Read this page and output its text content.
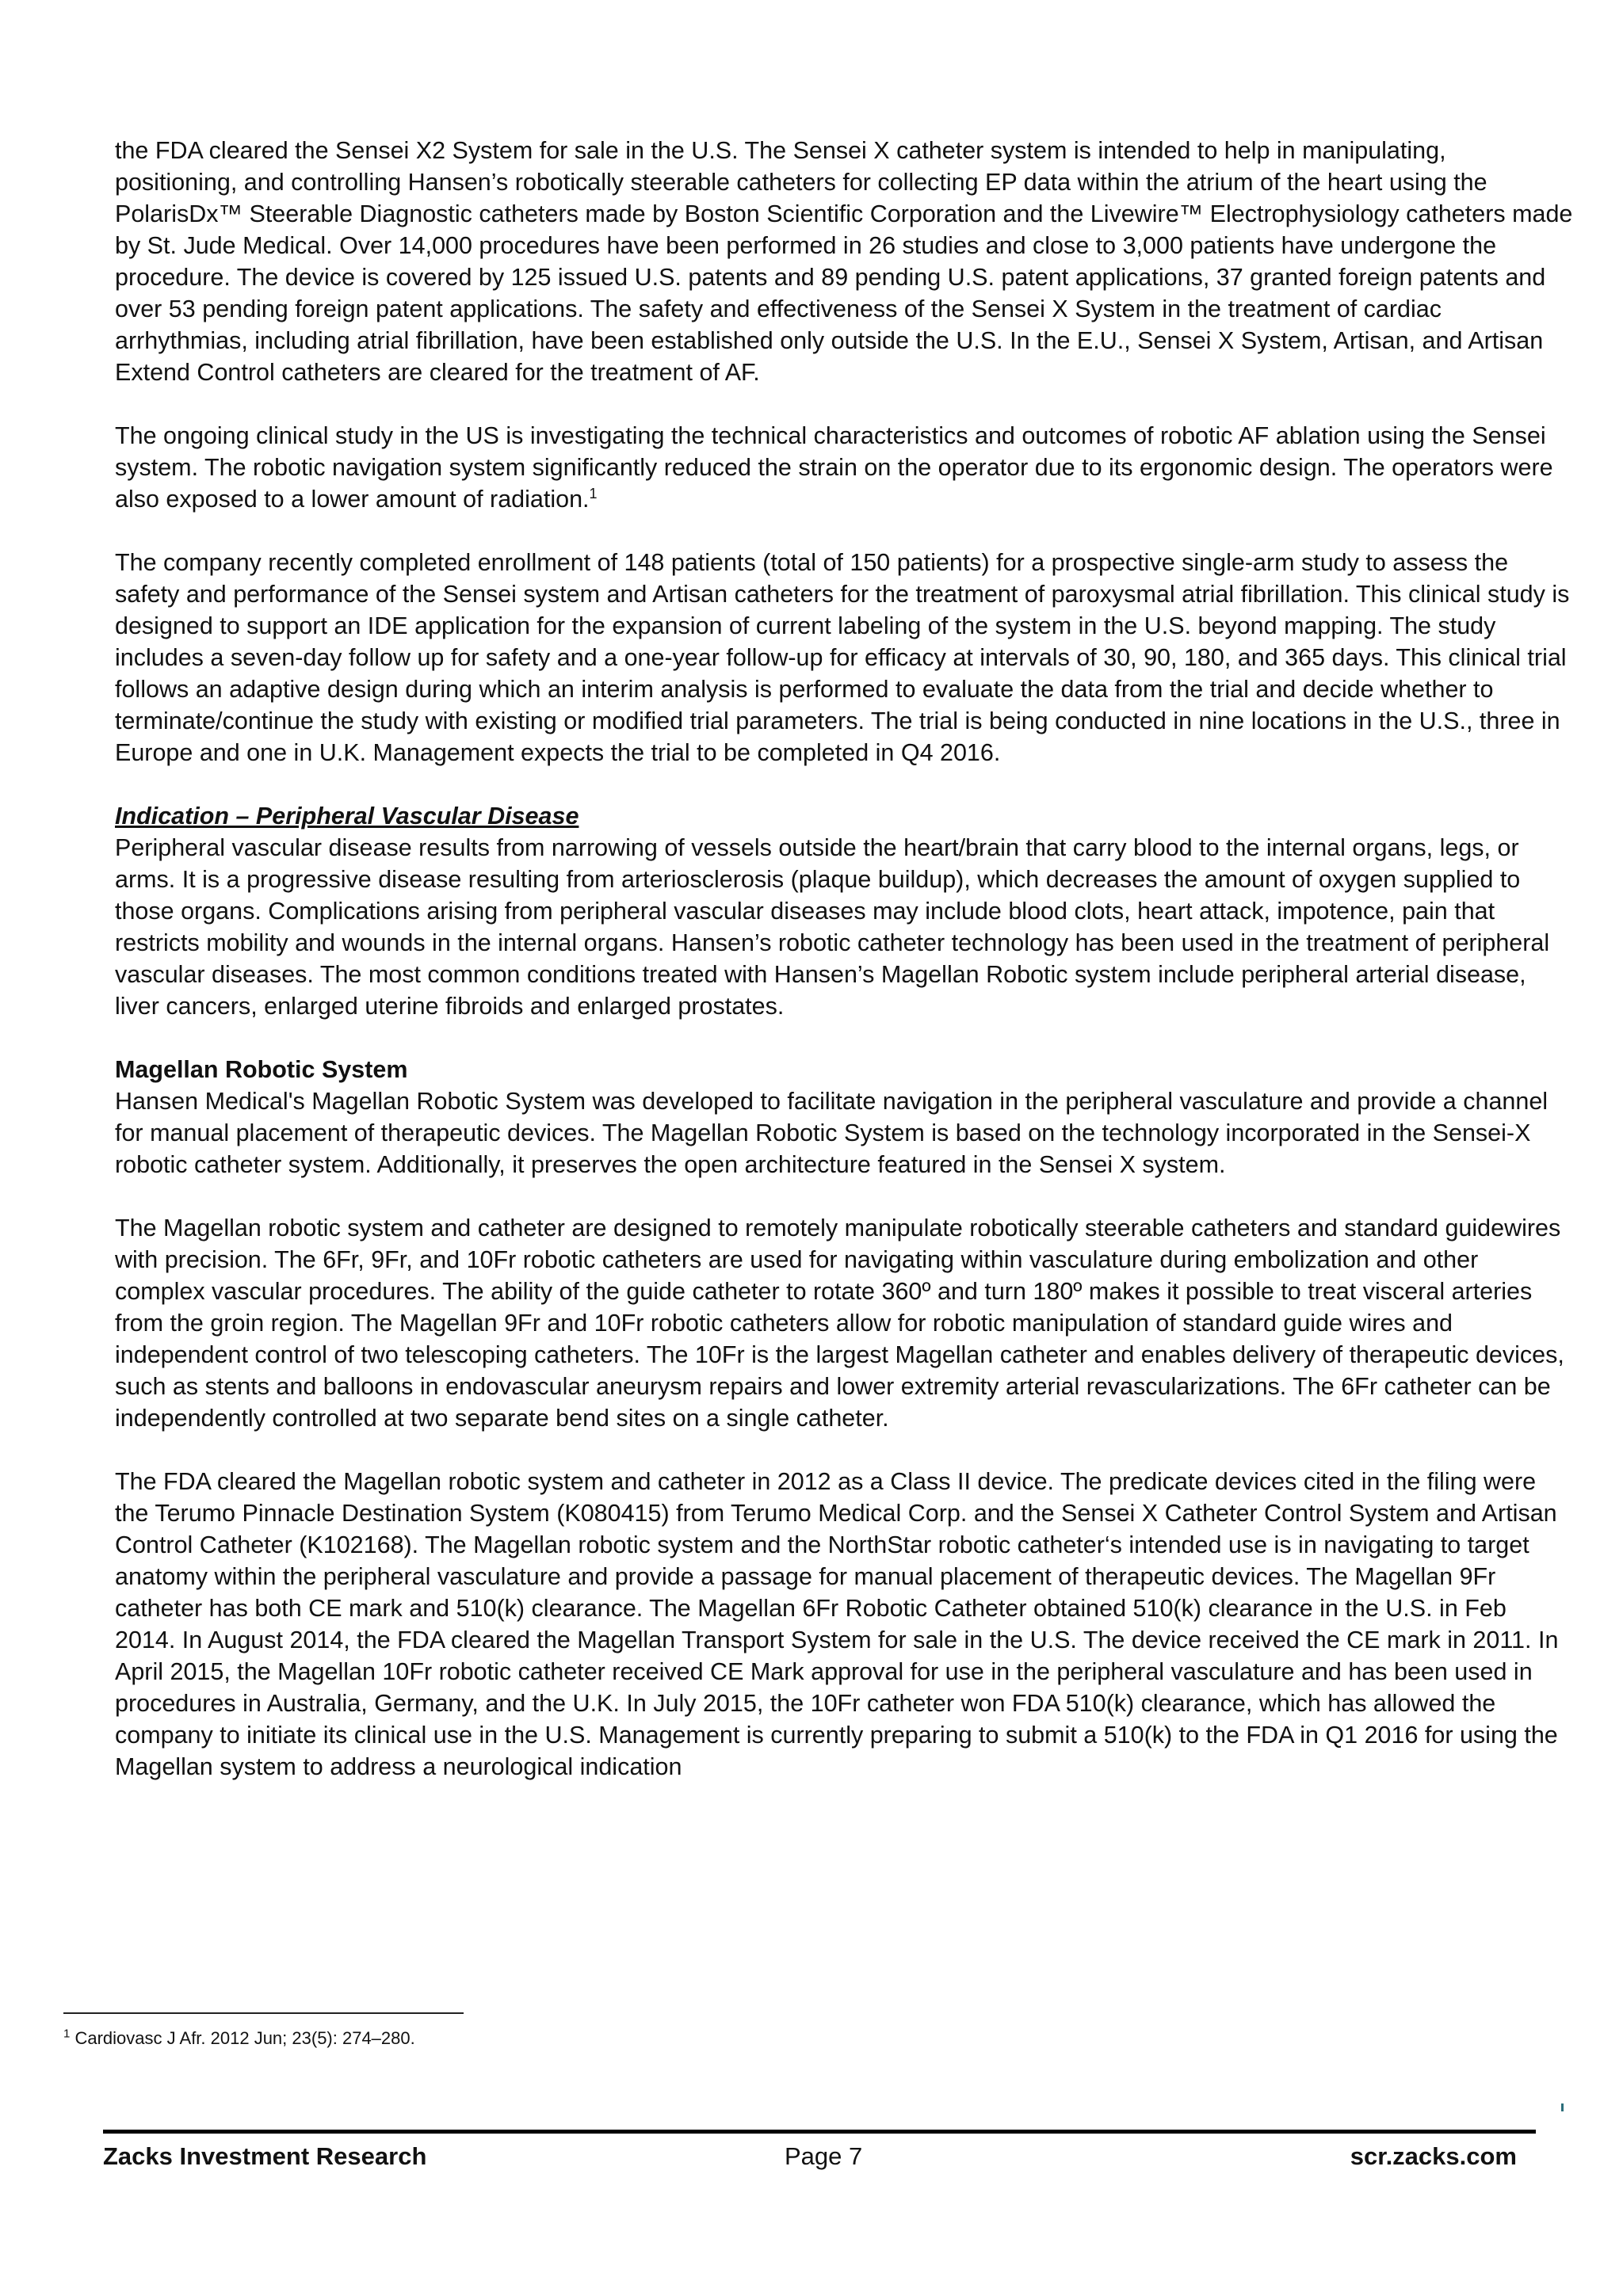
the FDA cleared the Sensei X2 System for sale in the U.S. The Sensei X catheter system is intended to help in manipulating, positioning, and controlling Hansen’s robotically steerable catheters for collecting EP data within the atrium of the heart using the PolarisDx™ Steerable Diagnostic catheters made by Boston Scientific Corporation and the Livewire™ Electrophysiology catheters made by St. Jude Medical. Over 14,000 procedures have been performed in 26 studies and close to 3,000 patients have undergone the procedure. The device is covered by 125 issued U.S. patents and 89 pending U.S. patent applications, 37 granted foreign patents and over 53 pending foreign patent applications. The safety and effectiveness of the Sensei X System in the treatment of cardiac arrhythmias, including atrial fibrillation, have been established only outside the U.S. In the E.U., Sensei X System, Artisan, and Artisan Extend Control catheters are cleared for the treatment of AF.

The ongoing clinical study in the US is investigating the technical characteristics and outcomes of robotic AF ablation using the Sensei system. The robotic navigation system significantly reduced the strain on the operator due to its ergonomic design. The operators were also exposed to a lower amount of radiation.$^1$

The company recently completed enrollment of 148 patients (total of 150 patients) for a prospective single-arm study to assess the safety and performance of the Sensei system and Artisan catheters for the treatment of paroxysmal atrial fibrillation. This clinical study is designed to support an IDE application for the expansion of current labeling of the system in the U.S. beyond mapping. The study includes a seven-day follow up for safety and a one-year follow-up for efficacy at intervals of 30, 90, 180, and 365 days. This clinical trial follows an adaptive design during which an interim analysis is performed to evaluate the data from the trial and decide whether to terminate/continue the study with existing or modified trial parameters. The trial is being conducted in nine locations in the U.S., three in Europe and one in U.K. Management expects the trial to be completed in Q4 2016.

Indication – Peripheral Vascular Disease

Peripheral vascular disease results from narrowing of vessels outside the heart/brain that carry blood to the internal organs, legs, or arms. It is a progressive disease resulting from arteriosclerosis (plaque buildup), which decreases the amount of oxygen supplied to those organs. Complications arising from peripheral vascular diseases may include blood clots, heart attack, impotence, pain that restricts mobility and wounds in the internal organs. Hansen’s robotic catheter technology has been used in the treatment of peripheral vascular diseases. The most common conditions treated with Hansen’s Magellan Robotic system include peripheral arterial disease, liver cancers, enlarged uterine fibroids and enlarged prostates.

Magellan Robotic System

Hansen Medical's Magellan Robotic System was developed to facilitate navigation in the peripheral vasculature and provide a channel for manual placement of therapeutic devices. The Magellan Robotic System is based on the technology incorporated in the Sensei-X robotic catheter system. Additionally, it preserves the open architecture featured in the Sensei X system.

The Magellan robotic system and catheter are designed to remotely manipulate robotically steerable catheters and standard guidewires with precision. The 6Fr, 9Fr, and 10Fr robotic catheters are used for navigating within vasculature during embolization and other complex vascular procedures. The ability of the guide catheter to rotate 360º and turn 180º makes it possible to treat visceral arteries from the groin region. The Magellan 9Fr and 10Fr robotic catheters allow for robotic manipulation of standard guide wires and independent control of two telescoping catheters. The 10Fr is the largest Magellan catheter and enables delivery of therapeutic devices, such as stents and balloons in endovascular aneurysm repairs and lower extremity arterial revascularizations. The 6Fr catheter can be independently controlled at two separate bend sites on a single catheter.

The FDA cleared the Magellan robotic system and catheter in 2012 as a Class II device. The predicate devices cited in the filing were the Terumo Pinnacle Destination System (K080415) from Terumo Medical Corp. and the Sensei X Catheter Control System and Artisan Control Catheter (K102168). The Magellan robotic system and the NorthStar robotic catheter‘s intended use is in navigating to target anatomy within the peripheral vasculature and provide a passage for manual placement of therapeutic devices. The Magellan 9Fr catheter has both CE mark and 510(k) clearance. The Magellan 6Fr Robotic Catheter obtained 510(k) clearance in the U.S. in Feb 2014. In August 2014, the FDA cleared the Magellan Transport System for sale in the U.S. The device received the CE mark in 2011. In April 2015, the Magellan 10Fr robotic catheter received CE Mark approval for use in the peripheral vasculature and has been used in procedures in Australia, Germany, and the U.K. In July 2015, the 10Fr catheter won FDA 510(k) clearance, which has allowed the company to initiate its clinical use in the U.S. Management is currently preparing to submit a 510(k) to the FDA in Q1 2016 for using the Magellan system to address a neurological indication

$^1$ Cardiovasc J Afr. 2012 Jun; 23(5): 274–280.
Zacks Investment Research	Page 7	scr.zacks.com
